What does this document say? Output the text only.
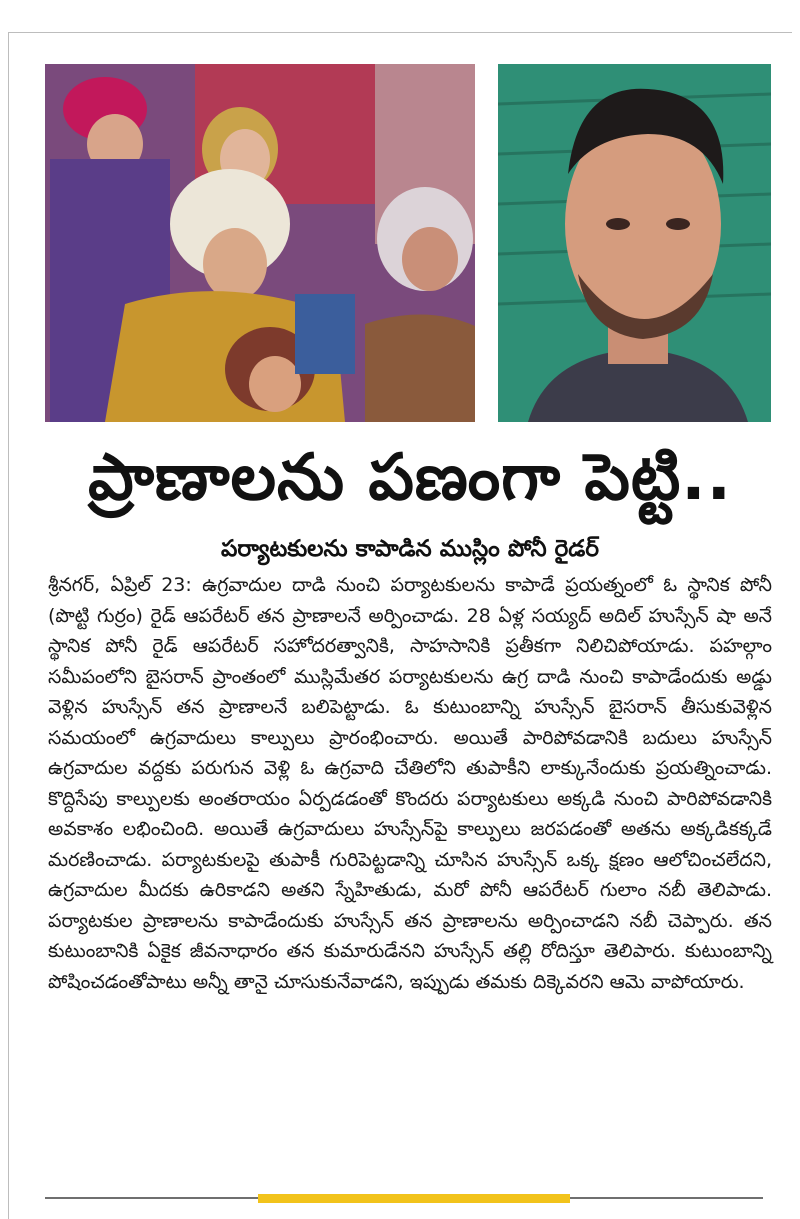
ప్రాణాలను పణంగా పెట్టి..
పర్యాటకులను కాపాడిన ముస్లిం పోనీ రైడర్

శ్రీనగర్, ఏప్రిల్ 23: ఉగ్రవాదుల దాడి నుంచి పర్యాటకులను కాపాడే ప్రయత్నంలో ఓ స్థానిక పోనీ (పొట్టి గుర్రం) రైడ్ ఆపరేటర్ తన ప్రాణాలనే అర్పించాడు. 28 ఏళ్ల సయ్యద్ అదిల్ హుస్సేన్ షా అనే స్థానిక పోనీ రైడ్ ఆపరేటర్ సహోదరత్వానికి, సాహసానికి ప్రతీకగా నిలిచిపోయాడు. పహల్గాం సమీపంలోని బైసరాన్ ప్రాంతంలో ముస్లిమేతర పర్యాటకులను ఉగ్ర దాడి నుంచి కాపాడేందుకు అడ్డు వెళ్లిన హుస్సేన్ తన ప్రాణాలనే బలిపెట్టాడు. ఓ కుటుంబాన్ని హుస్సేన్ బైసరాన్ తీసుకువెళ్లిన సమయంలో ఉగ్రవాదులు కాల్పులు ప్రారంభించారు. అయితే పారిపోవడానికి బదులు హుస్సేన్ ఉగ్రవాదుల వద్దకు పరుగున వెళ్లి ఓ ఉగ్రవాది చేతిలోని తుపాకీని లాక్కునేందుకు ప్రయత్నించాడు. కొద్దిసేపు కాల్పులకు అంతరాయం ఏర్పడడంతో కొందరు పర్యాటకులు అక్కడి నుంచి పారిపోవడానికి అవకాశం లభించింది. అయితే ఉగ్రవాదులు హుస్సేన్‌పై కాల్పులు జరపడంతో అతను అక్కడికక్కడే మరణించాడు. పర్యాటకులపై తుపాకీ గురిపెట్టడాన్ని చూసిన హుస్సేన్ ఒక్క క్షణం ఆలోచించలేదని, ఉగ్రవాదుల మీదకు ఉరికాడని అతని స్నేహితుడు, మరో పోనీ ఆపరేటర్ గులాం నబీ తెలిపాడు. పర్యాటకుల ప్రాణాలను కాపాడేందుకు హుస్సేన్ తన ప్రాణాలను అర్పించాడని నబీ చెప్పారు. తన కుటుంబానికి ఏకైక జీవనాధారం తన కుమారుడేనని హుస్సేన్ తల్లి రోదిస్తూ తెలిపారు. కుటుంబాన్ని పోషించడంతోపాటు అన్నీ తానై చూసుకునేవాడని, ఇప్పుడు తమకు దిక్కెవరని ఆమె వాపోయారు.
